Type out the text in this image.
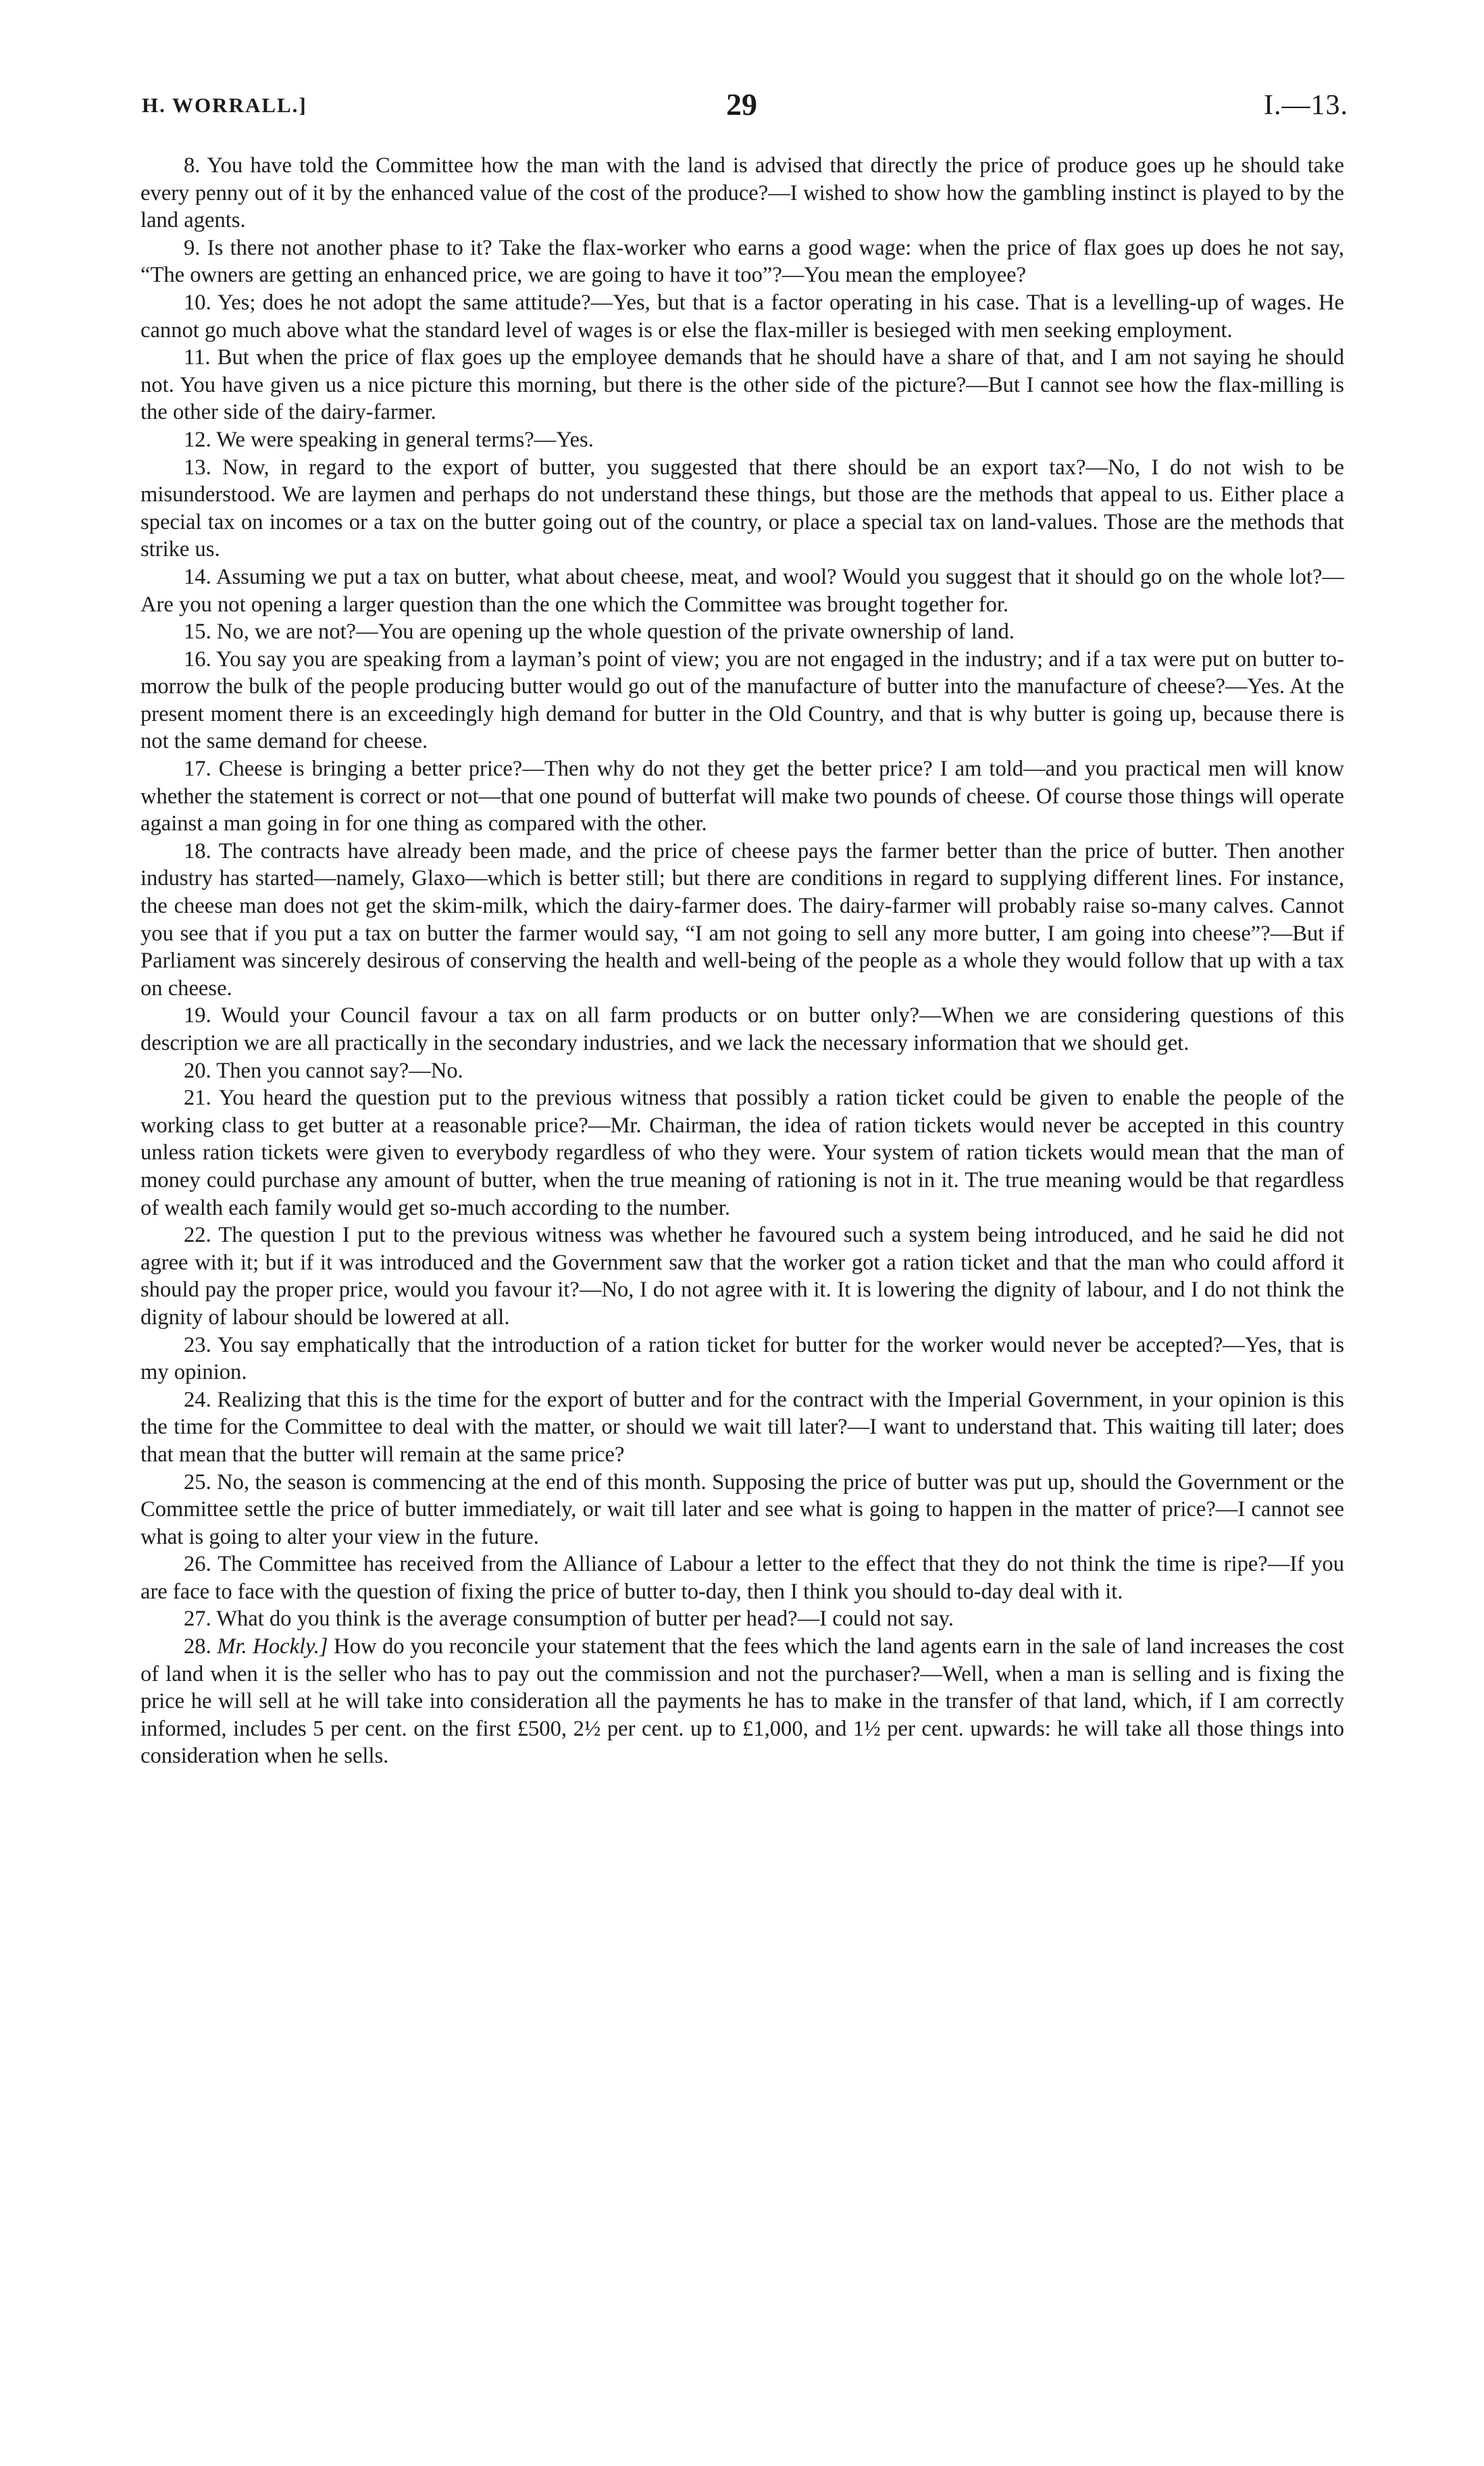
H. WORRALL.]	29	I.—13.

8. You have told the Committee how the man with the land is advised that directly the price of produce goes up he should take every penny out of it by the enhanced value of the cost of the produce?—I wished to show how the gambling instinct is played to by the land agents.

9. Is there not another phase to it? Take the flax-worker who earns a good wage: when the price of flax goes up does he not say, “The owners are getting an enhanced price, we are going to have it too”?—You mean the employee?

10. Yes; does he not adopt the same attitude?—Yes, but that is a factor operating in his case. That is a levelling-up of wages. He cannot go much above what the standard level of wages is or else the flax-miller is besieged with men seeking employment.

11. But when the price of flax goes up the employee demands that he should have a share of that, and I am not saying he should not. You have given us a nice picture this morning, but there is the other side of the picture?—But I cannot see how the flax-milling is the other side of the dairy-farmer.

12. We were speaking in general terms?—Yes.

13. Now, in regard to the export of butter, you suggested that there should be an export tax?—No, I do not wish to be misunderstood. We are laymen and perhaps do not understand these things, but those are the methods that appeal to us. Either place a special tax on incomes or a tax on the butter going out of the country, or place a special tax on land-values. Those are the methods that strike us.

14. Assuming we put a tax on butter, what about cheese, meat, and wool? Would you suggest that it should go on the whole lot?—Are you not opening a larger question than the one which the Committee was brought together for.

15. No, we are not?—You are opening up the whole question of the private ownership of land.

16. You say you are speaking from a layman’s point of view; you are not engaged in the industry; and if a tax were put on butter to-morrow the bulk of the people producing butter would go out of the manufacture of butter into the manufacture of cheese?—Yes. At the present moment there is an exceedingly high demand for butter in the Old Country, and that is why butter is going up, because there is not the same demand for cheese.

17. Cheese is bringing a better price?—Then why do not they get the better price? I am told—and you practical men will know whether the statement is correct or not—that one pound of butterfat will make two pounds of cheese. Of course those things will operate against a man going in for one thing as compared with the other.

18. The contracts have already been made, and the price of cheese pays the farmer better than the price of butter. Then another industry has started—namely, Glaxo—which is better still; but there are conditions in regard to supplying different lines. For instance, the cheese man does not get the skim-milk, which the dairy-farmer does. The dairy-farmer will probably raise so-many calves. Cannot you see that if you put a tax on butter the farmer would say, “I am not going to sell any more butter, I am going into cheese”?—But if Parliament was sincerely desirous of conserving the health and well-being of the people as a whole they would follow that up with a tax on cheese.

19. Would your Council favour a tax on all farm products or on butter only?—When we are considering questions of this description we are all practically in the secondary industries, and we lack the necessary information that we should get.

20. Then you cannot say?—No.

21. You heard the question put to the previous witness that possibly a ration ticket could be given to enable the people of the working class to get butter at a reasonable price?—Mr. Chairman, the idea of ration tickets would never be accepted in this country unless ration tickets were given to everybody regardless of who they were. Your system of ration tickets would mean that the man of money could purchase any amount of butter, when the true meaning of rationing is not in it. The true meaning would be that regardless of wealth each family would get so-much according to the number.

22. The question I put to the previous witness was whether he favoured such a system being introduced, and he said he did not agree with it; but if it was introduced and the Government saw that the worker got a ration ticket and that the man who could afford it should pay the proper price, would you favour it?—No, I do not agree with it. It is lowering the dignity of labour, and I do not think the dignity of labour should be lowered at all.

23. You say emphatically that the introduction of a ration ticket for butter for the worker would never be accepted?—Yes, that is my opinion.

24. Realizing that this is the time for the export of butter and for the contract with the Imperial Government, in your opinion is this the time for the Committee to deal with the matter, or should we wait till later?—I want to understand that. This waiting till later; does that mean that the butter will remain at the same price?

25. No, the season is commencing at the end of this month. Supposing the price of butter was put up, should the Government or the Committee settle the price of butter immediately, or wait till later and see what is going to happen in the matter of price?—I cannot see what is going to alter your view in the future.

26. The Committee has received from the Alliance of Labour a letter to the effect that they do not think the time is ripe?—If you are face to face with the question of fixing the price of butter to-day, then I think you should to-day deal with it.

27. What do you think is the average consumption of butter per head?—I could not say.

28. Mr. Hockly.] How do you reconcile your statement that the fees which the land agents earn in the sale of land increases the cost of land when it is the seller who has to pay out the commission and not the purchaser?—Well, when a man is selling and is fixing the price he will sell at he will take into consideration all the payments he has to make in the transfer of that land, which, if I am correctly informed, includes 5 per cent. on the first £500, 2½ per cent. up to £1,000, and 1½ per cent. upwards: he will take all those things into consideration when he sells.
